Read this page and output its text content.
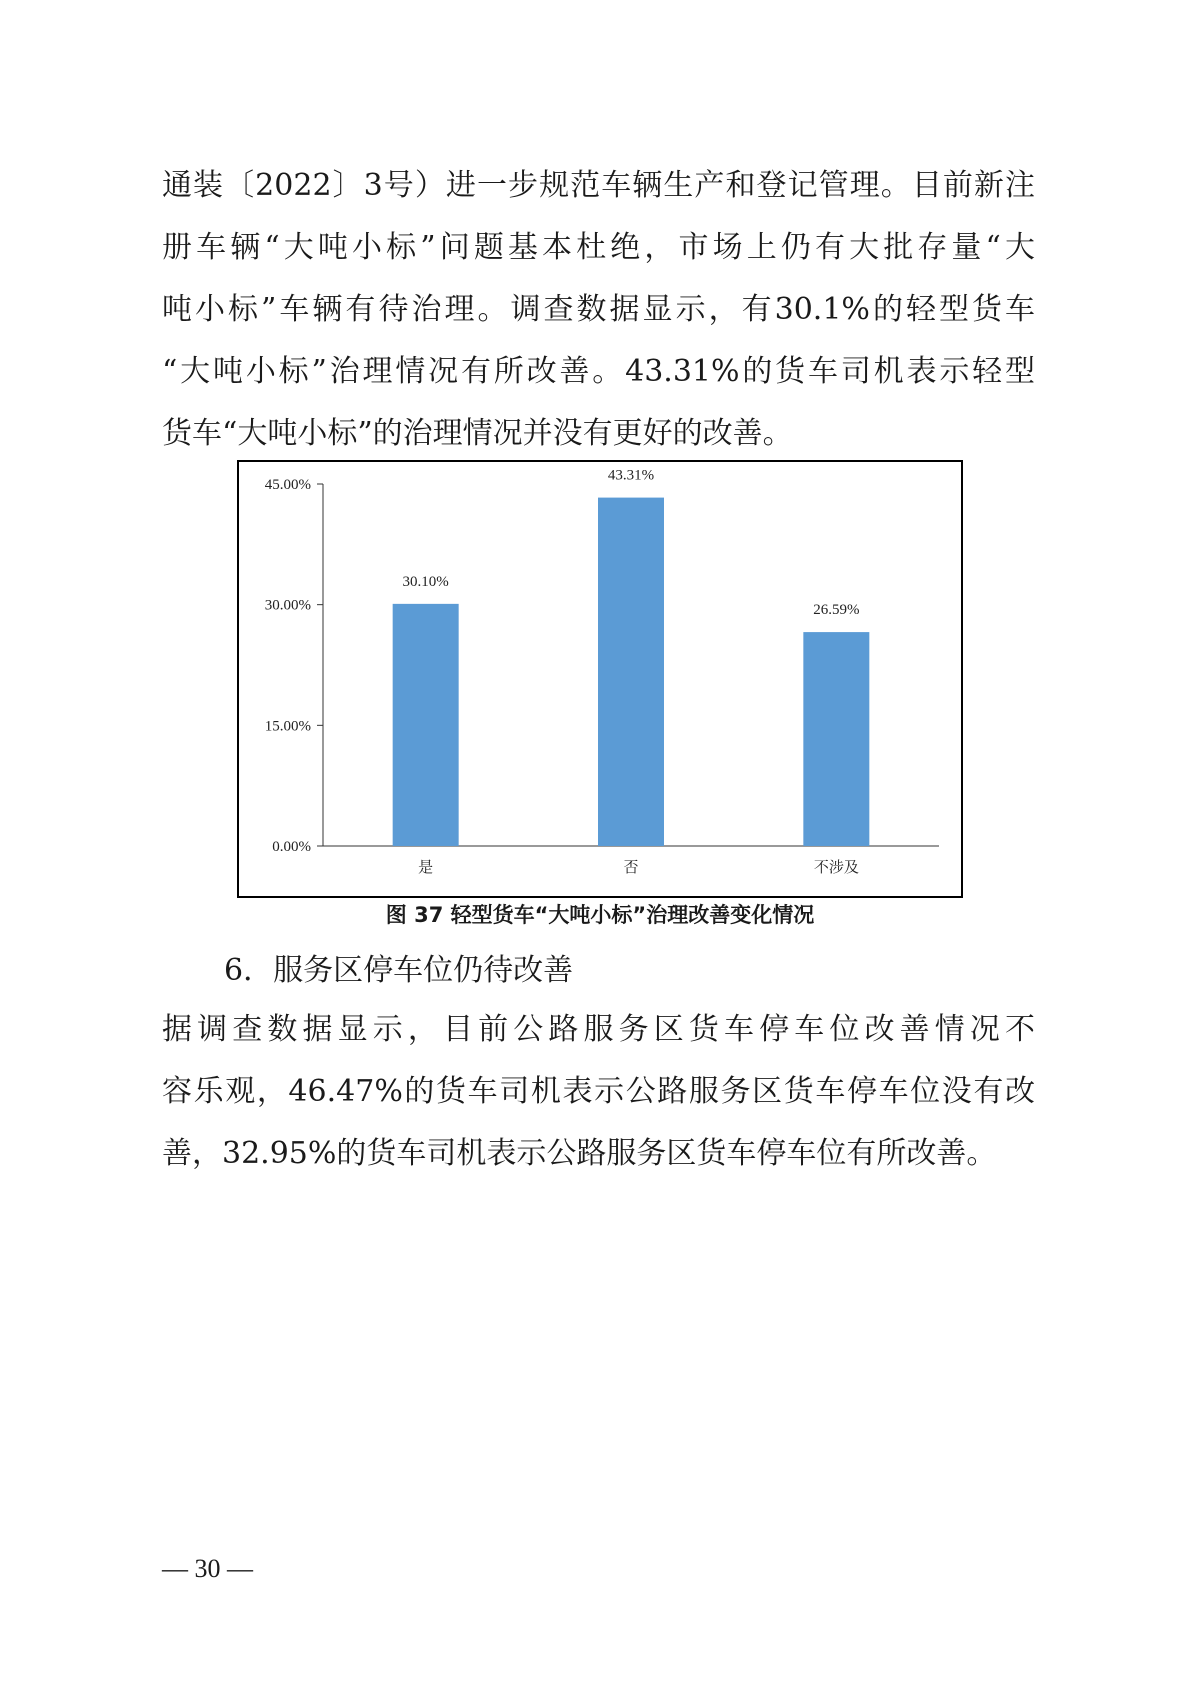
通装〔2022〕3号）进一步规范车辆生产和登记管理。目前新注
册车辆“大吨小标”问题基本杜绝，市场上仍有大批存量“大
吨小标”车辆有待治理。调查数据显示，有30.1%的轻型货车
“大吨小标”治理情况有所改善。43.31%的货车司机表示轻型
货车“大吨小标”的治理情况并没有更好的改善。
0.00%
15.00%
30.00%
45.00%
30.10%
是
43.31%
否
26.59%
不涉及
图 37 轻型货车“大吨小标”治理改善变化情况
6．服务区停车位仍待改善
据调查数据显示，目前公路服务区货车停车位改善情况不
容乐观，46.47%的货车司机表示公路服务区货车停车位没有改
善，32.95%的货车司机表示公路服务区货车停车位有所改善。
— 30 —
